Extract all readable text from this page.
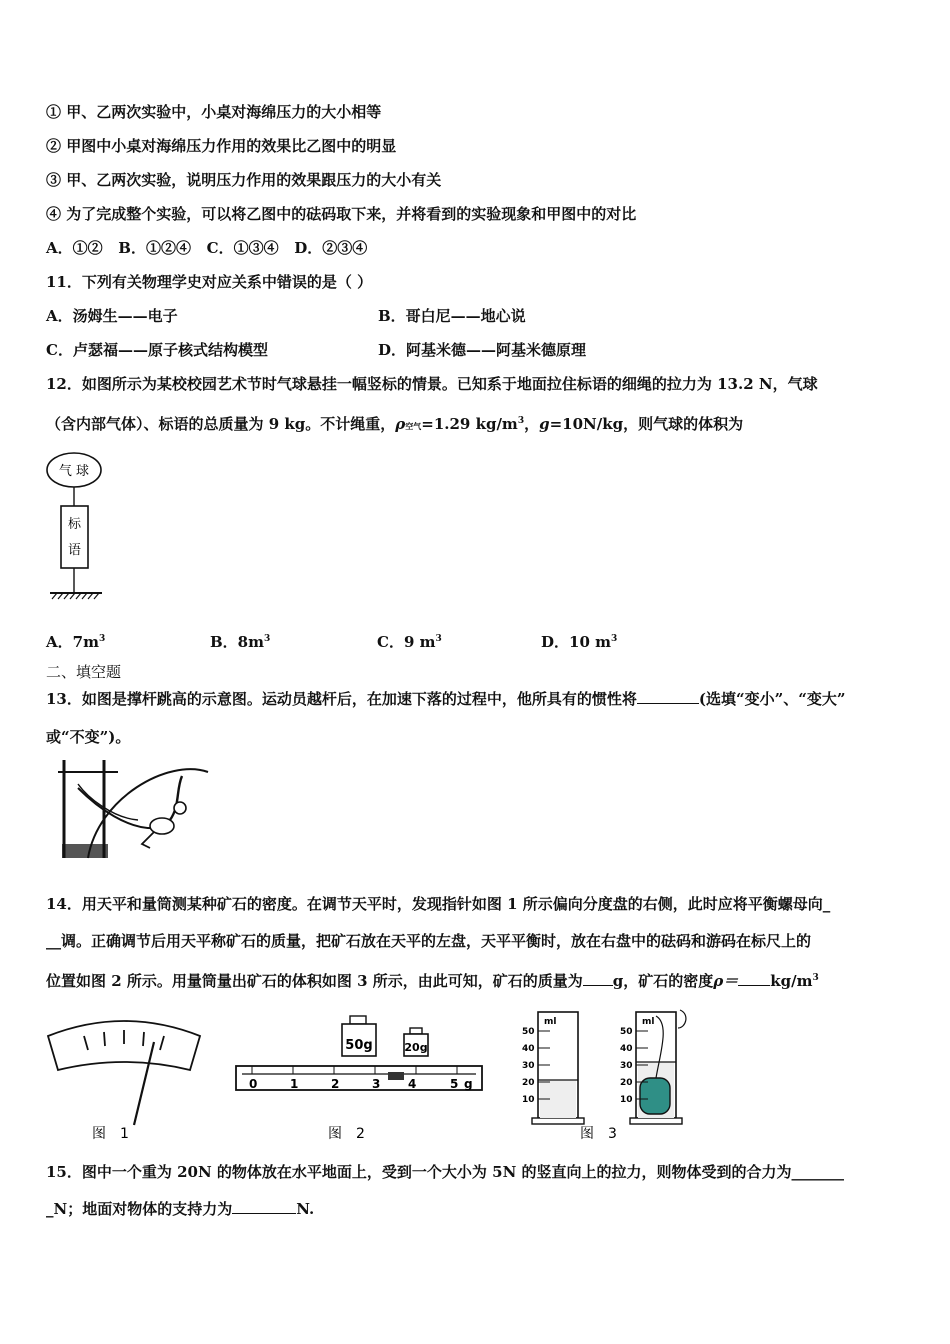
① 甲、乙两次实验中，小桌对海绵压力的大小相等
② 甲图中小桌对海绵压力作用的效果比乙图中的明显
③ 甲、乙两次实验，说明压力作用的效果跟压力的大小有关
④ 为了完成整个实验，可以将乙图中的砝码取下来，并将看到的实验现象和甲图中的对比
A．①②   B．①②④   C．①③④   D．②③④
11．下列有关物理学史对应关系中错误的是（ ）
A．汤姆生——电子	B．哥白尼——地心说
C．卢瑟福——原子核式结构模型	D．阿基米德——阿基米德原理
12．如图所示为某校校园艺术节时气球悬挂一幅竖标的情景。已知系于地面拉住标语的细绳的拉力为 13.2 N，气球
（含内部气体）、标语的总质量为 9 kg。不计绳重，ρ空气=1.29 $kg/m^3$，g=10N/kg，则气球的体积为
气 球
标
语
A．$7m^3$	B．$8m^3$	C．9 $m^3$	D．10 $m^3$
二、填空题
13．如图是撑杆跳高的示意图。运动员越杆后，在加速下落的过程中，他所具有的惯性将	(选填“变小”、“变大”
或“不变”)。
14．用天平和量筒测某种矿石的密度。在调节天平时，发现指针如图 1 所示偏向分度盘的右侧，此时应将平衡螺母向_
__调。正确调节后用天平称矿石的质量，把矿石放在天平的左盘，天平平衡时，放在右盘中的砝码和游码在标尺上的
位置如图 2 所示。用量筒量出矿石的体积如图 3 所示，由此可知，矿石的质量为 g，矿石的密度$\rho= kg/m^3$
图　1
50g	20g
0	1	2	3 4	5 g
图　2
ml
50
40
30
20
10
ml
50
40
30
20
10
图　3
15．图中一个重为 20N 的物体放在水平地面上，受到一个大小为 5N 的竖直向上的拉力，则物体受到的合力为_______
_N；地面对物体的支持力为	N.
